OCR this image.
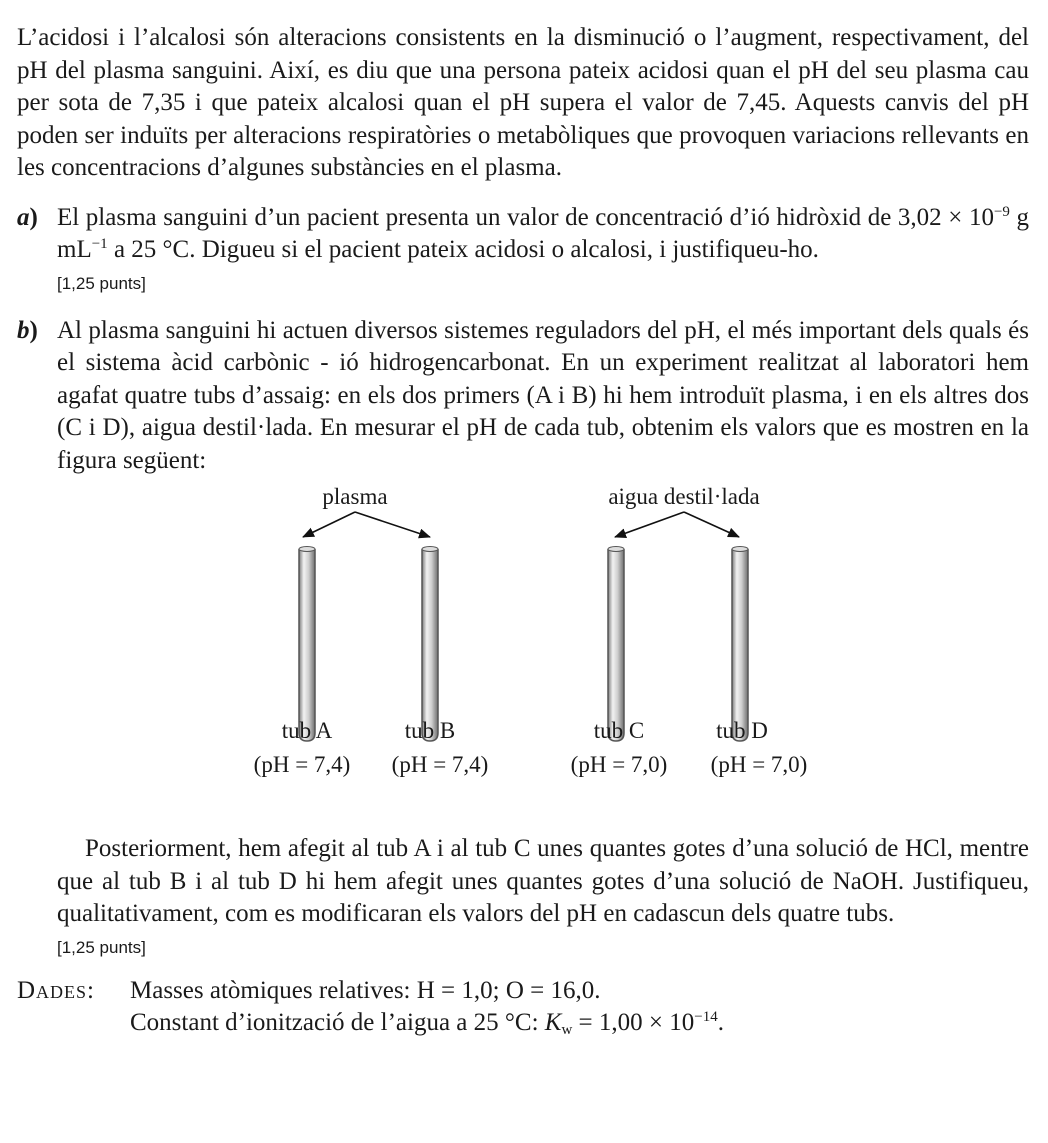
L’acidosi i l’alcalosi són alteracions consistents en la disminució o l’augment, respectivament, del pH del plasma sanguini. Així, es diu que una persona pateix acidosi quan el pH del seu plasma cau per sota de 7,35 i que pateix alcalosi quan el pH supera el valor de 7,45. Aquests canvis del pH poden ser induïts per alteracions respiratòries o metabòliques que provoquen variacions rellevants en les concentracions d’algunes substàncies en el plasma.

a) El plasma sanguini d’un pacient presenta un valor de concentració d’ió hidròxid de $3,02 \times 10^{-9}$ g $mL^{-1}$ a 25 °C. Digueu si el pacient pateix acidosi o alcalosi, i justifiqueu-ho.

[1,25 punts]
b) Al plasma sanguini hi actuen diversos sistemes reguladors del pH, el més important dels quals és el sistema àcid carbònic - ió hidrogencarbonat. En un experiment realitzat al laboratori hem agafat quatre tubs d’assaig: en els dos primers (A i B) hi hem introduït plasma, i en els altres dos (C i D), aigua destil·lada. En mesurar el pH de cada tub, obtenim els valors que es mostren en la figura següent:

plasma	aigua destil·lada
tub A	tub B	tub C	tub D
(pH = 7,4)	(pH = 7,4)	(pH = 7,0)	(pH = 7,0)

Posteriorment, hem afegit al tub A i al tub C unes quantes gotes d’una solució de HCl, mentre que al tub B i al tub D hi hem afegit unes quantes gotes d’una solució de NaOH. Justifiqueu, qualitativament, com es modificaran els valors del pH en cadascun dels quatre tubs.

[1,25 punts]
Dades: Masses atòmiques relatives: H = 1,0; O = 16,0.
Constant d’ionització de l’aigua a 25 °C: $K_w = 1,00 \times 10^{-14}$.
